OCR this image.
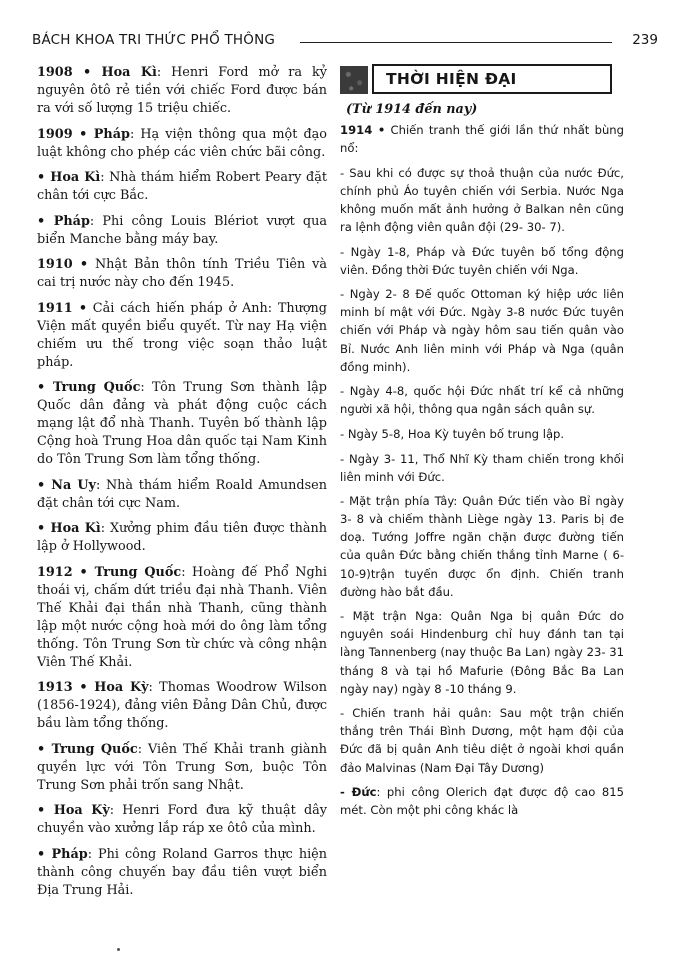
BÁCH KHOA TRI THỨC PHỔ THÔNG	239

1908 • Hoa Kì: Henri Ford mở ra kỷ nguyên ôtô rẻ tiền với chiếc Ford được bán ra với số lượng 15 triệu chiếc.

1909 • Pháp: Hạ viện thông qua một đạo luật không cho phép các viên chức bãi công.

• Hoa Kì: Nhà thám hiểm Robert Peary đặt chân tới cực Bắc.

• Pháp: Phi công Louis Blériot vượt qua biển Manche bằng máy bay.

1910 • Nhật Bản thôn tính Triều Tiên và cai trị nước này cho đến 1945.

1911 • Cải cách hiến pháp ở Anh: Thượng Viện mất quyền biểu quyết. Từ nay Hạ viện chiếm ưu thế trong việc soạn thảo luật pháp.

• Trung Quốc: Tôn Trung Sơn thành lập Quốc dân đảng và phát động cuộc cách mạng lật đổ nhà Thanh. Tuyên bố thành lập Cộng hoà Trung Hoa dân quốc tại Nam Kinh do Tôn Trung Sơn làm tổng thống.

• Na Uy: Nhà thám hiểm Roald Amundsen đặt chân tới cực Nam.

• Hoa Kì: Xưởng phim đầu tiên được thành lập ở Hollywood.

1912 • Trung Quốc: Hoàng đế Phổ Nghi thoái vị, chấm dứt triều đại nhà Thanh. Viên Thế Khải đại thần nhà Thanh, cũng thành lập một nước cộng hoà mới do ông làm tổng thống. Tôn Trung Sơn từ chức và công nhận Viên Thế Khải.

1913 • Hoa Kỳ: Thomas Woodrow Wilson (1856-1924), đảng viên Đảng Dân Chủ, được bầu làm tổng thống.

• Trung Quốc: Viên Thế Khải tranh giành quyền lực với Tôn Trung Sơn, buộc Tôn Trung Sơn phải trốn sang Nhật.

• Hoa Kỳ: Henri Ford đưa kỹ thuật dây chuyền vào xưởng lắp ráp xe ôtô của mình.

• Pháp: Phi công Roland Garros thực hiện thành công chuyến bay đầu tiên vượt biển Địa Trung Hải.

THỜI HIỆN ĐẠI
(Từ 1914 đến nay)

1914 • Chiến tranh thế giới lần thứ nhất bùng nổ:

- Sau khi có được sự thoả thuận của nước Đức, chính phủ Áo tuyên chiến với Serbia. Nước Nga không muốn mất ảnh hưởng ở Balkan nên cũng ra lệnh động viên quân đội (29- 30- 7).

- Ngày 1-8, Pháp và Đức tuyên bố tổng động viên. Đồng thời Đức tuyên chiến với Nga.

- Ngày 2- 8 Đế quốc Ottoman ký hiệp ước liên minh bí mật với Đức. Ngày 3-8 nước Đức tuyên chiến với Pháp và ngày hôm sau tiến quân vào Bỉ. Nước Anh liên minh với Pháp và Nga (quân đồng minh).

- Ngày 4-8, quốc hội Đức nhất trí kể cả những người xã hội, thông qua ngân sách quân sự.

- Ngày 5-8, Hoa Kỳ tuyên bố trung lập.

- Ngày 3- 11, Thổ Nhĩ Kỳ tham chiến trong khối liên minh với Đức.

- Mặt trận phía Tây: Quân Đức tiến vào Bỉ ngày 3- 8 và chiếm thành Liège ngày 13. Paris bị đe doạ. Tướng Joffre ngăn chặn được đường tiến của quân Đức bằng chiến thắng tỉnh Marne ( 6-10-9)trận tuyến được ổn định. Chiến tranh đường hào bắt đầu.

- Mặt trận Nga: Quân Nga bị quân Đức do nguyên soái Hindenburg chỉ huy đánh tan tại làng Tannenberg (nay thuộc Ba Lan) ngày 23- 31 tháng 8 và tại hồ Mafurie (Đông Bắc Ba Lan ngày nay) ngày 8 -10 tháng 9.

- Chiến tranh hải quân: Sau một trận chiến thắng trên Thái Bình Dương, một hạm đội của Đức đã bị quân Anh tiêu diệt ở ngoài khơi quần đảo Malvinas (Nam Đại Tây Dương)

- Đức: phi công Olerich đạt được độ cao 815 mét. Còn một phi công khác là
